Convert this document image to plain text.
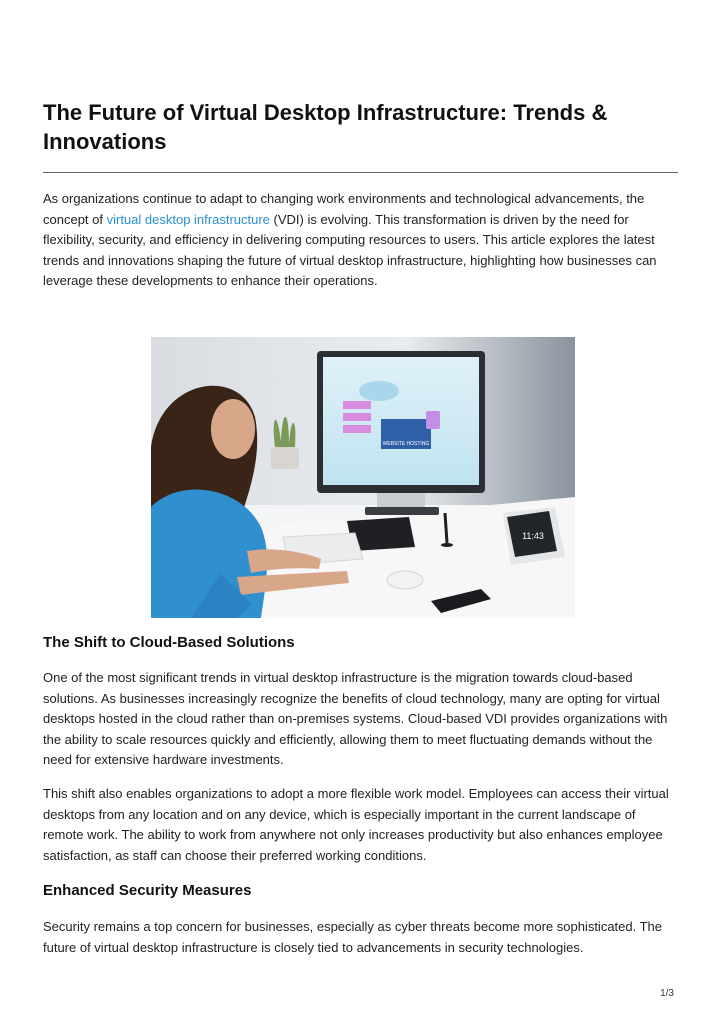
The Future of Virtual Desktop Infrastructure: Trends & Innovations

As organizations continue to adapt to changing work environments and technological advancements, the concept of virtual desktop infrastructure (VDI) is evolving. This transformation is driven by the need for flexibility, security, and efficiency in delivering computing resources to users. This article explores the latest trends and innovations shaping the future of virtual desktop infrastructure, highlighting how businesses can leverage these developments to enhance their operations.

WEBSITE HOSTING
11:43
The Shift to Cloud-Based Solutions

One of the most significant trends in virtual desktop infrastructure is the migration towards cloud-based solutions. As businesses increasingly recognize the benefits of cloud technology, many are opting for virtual desktops hosted in the cloud rather than on-premises systems. Cloud-based VDI provides organizations with the ability to scale resources quickly and efficiently, allowing them to meet fluctuating demands without the need for extensive hardware investments.

This shift also enables organizations to adopt a more flexible work model. Employees can access their virtual desktops from any location and on any device, which is especially important in the current landscape of remote work. The ability to work from anywhere not only increases productivity but also enhances employee satisfaction, as staff can choose their preferred working conditions.

Enhanced Security Measures

Security remains a top concern for businesses, especially as cyber threats become more sophisticated. The future of virtual desktop infrastructure is closely tied to advancements in security technologies.

1/3
